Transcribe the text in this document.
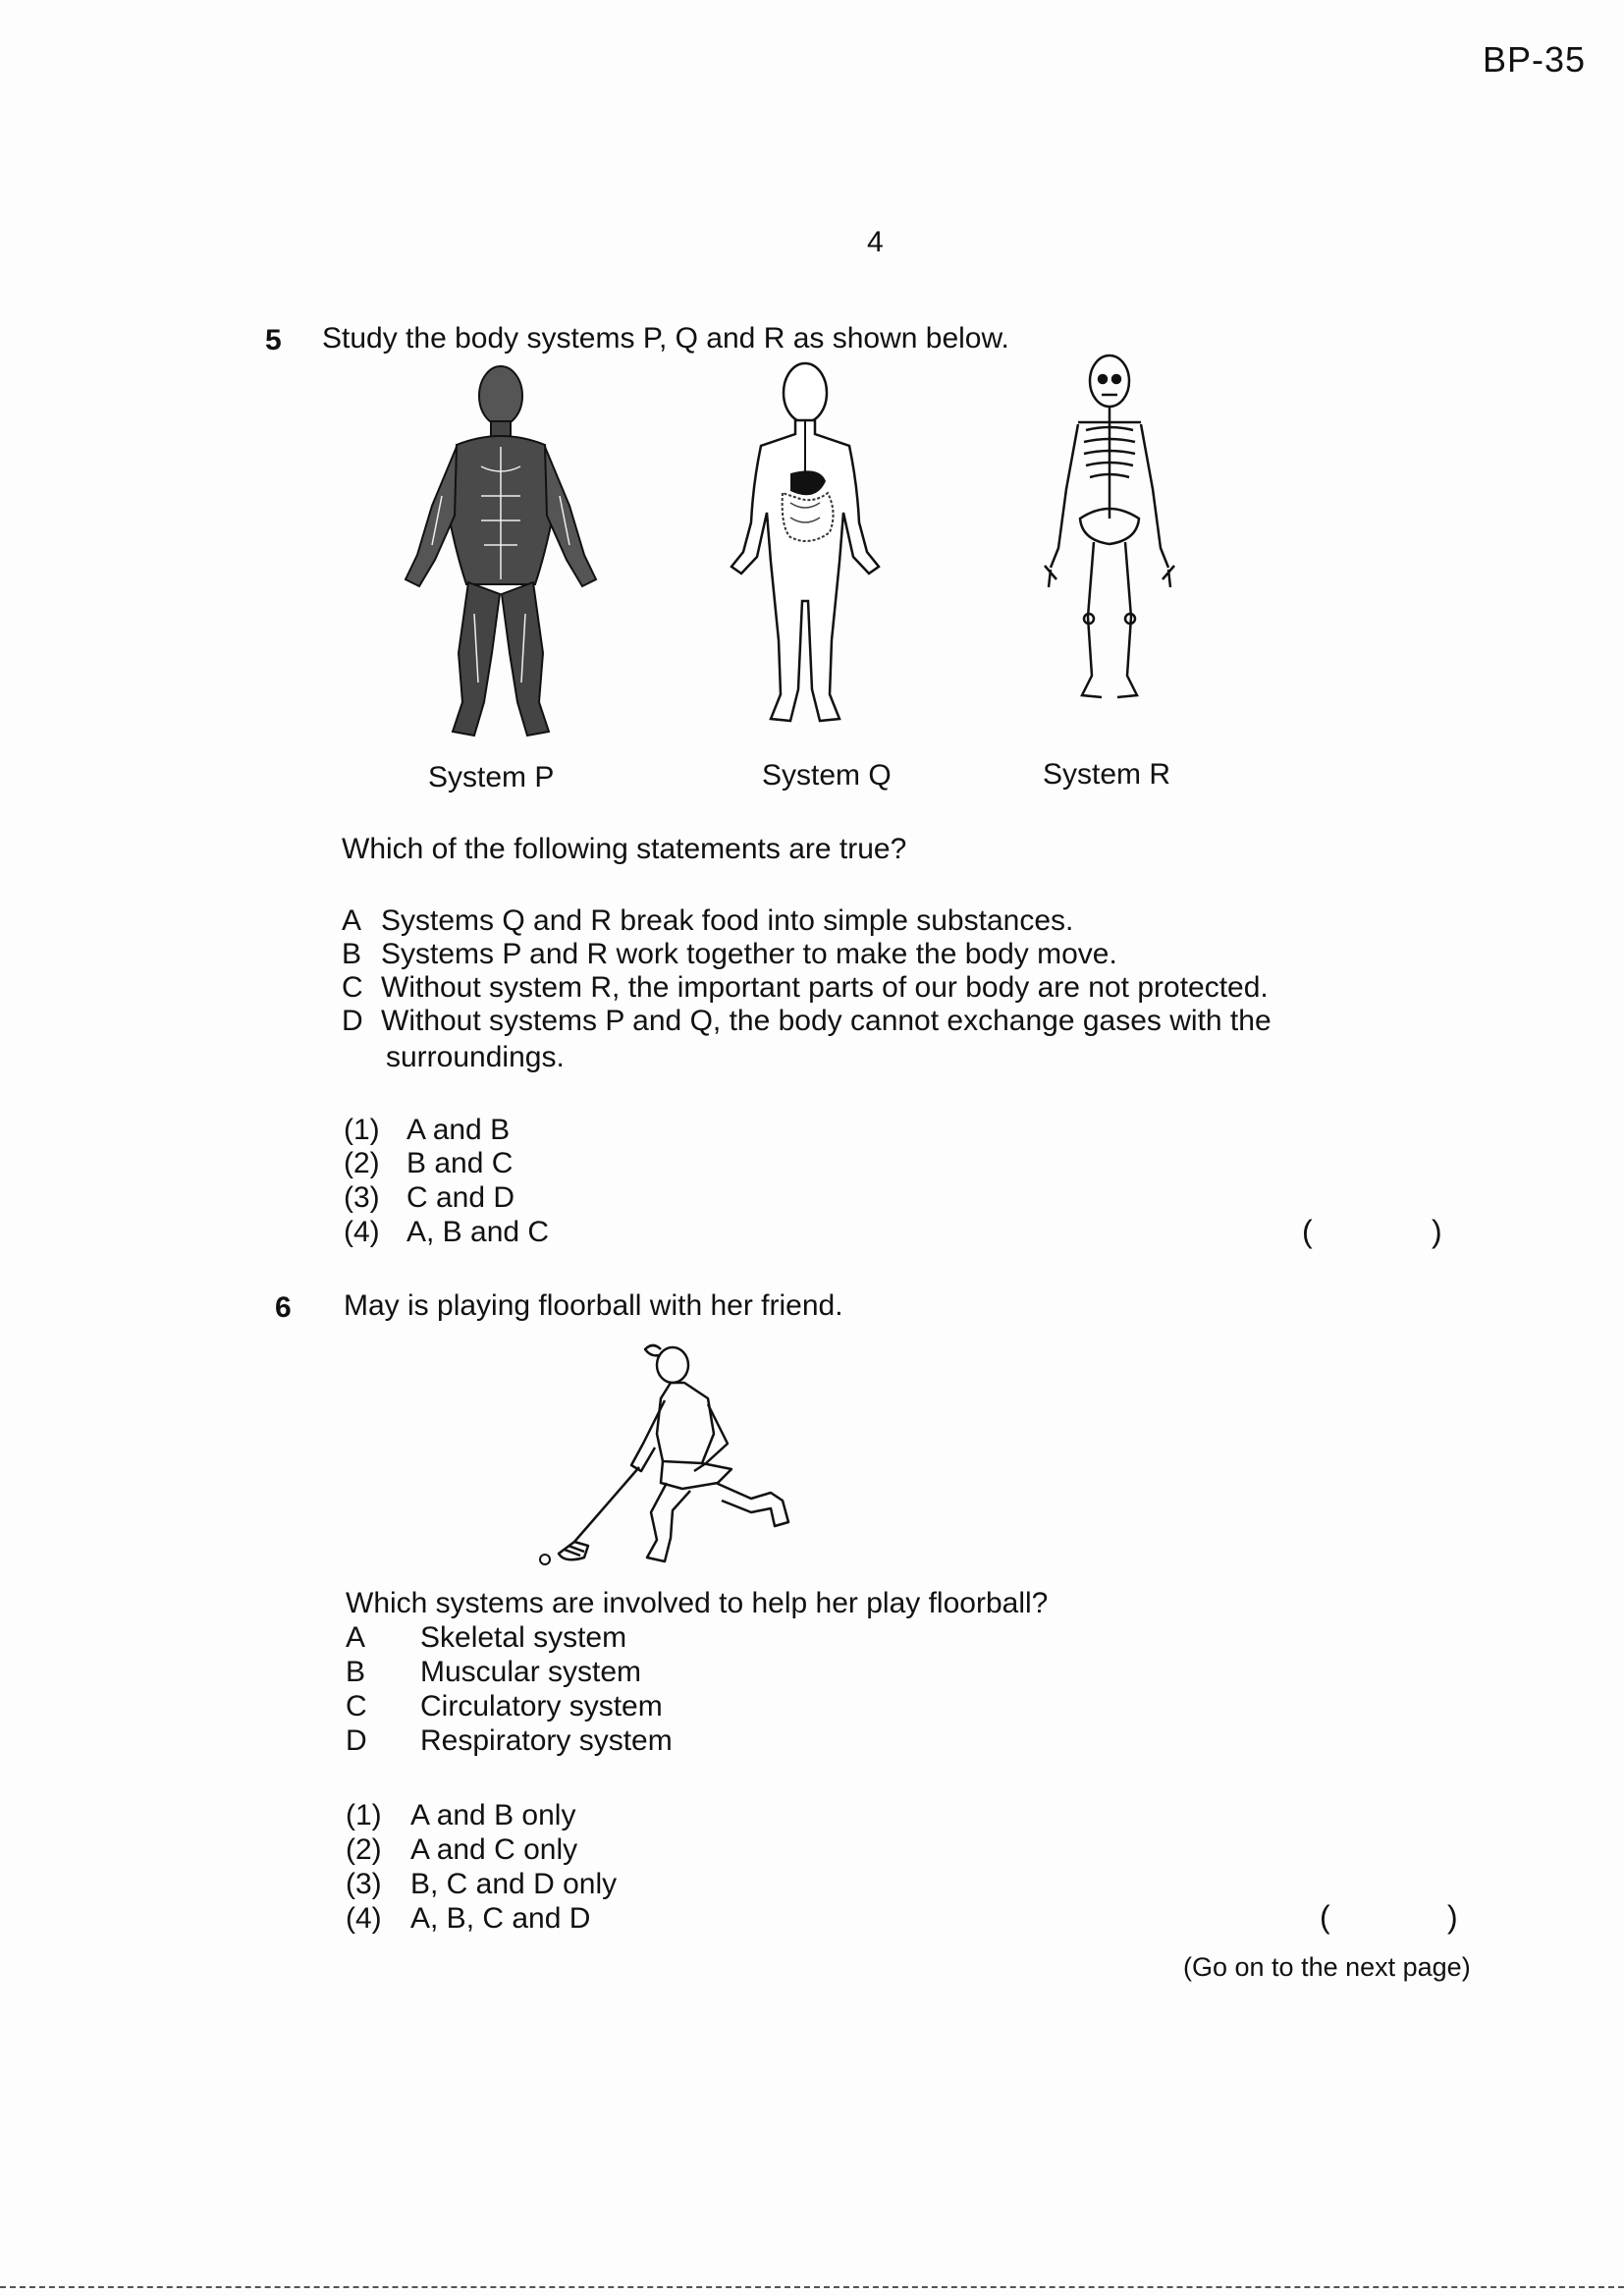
BP-35
4
5 Study the body systems P, Q and R as shown below.
System P	System Q	System R
Which of the following statements are true?
A Systems Q and R break food into simple substances.
B Systems P and R work together to make the body move.
C Without system R, the important parts of our body are not protected.
D Without systems P and Q, the body cannot exchange gases with the
surroundings.
(1) A and B
(2) B and C
(3) C and D
(4) A, B and C	(	)
6 May is playing floorball with her friend.
Which systems are involved to help her play floorball?
A Skeletal system
B Muscular system
C Circulatory system
D Respiratory system
(1) A and B only
(2) A and C only
(3) B, C and D only
(4) A, B, C and D	(	)
(Go on to the next page)
